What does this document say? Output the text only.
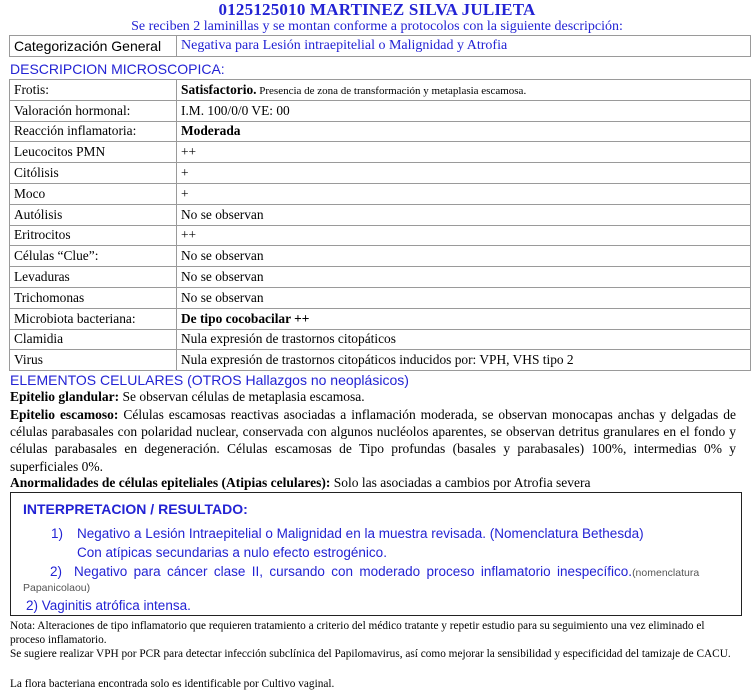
0125125010 MARTINEZ SILVA JULIETA
Se reciben 2 laminillas y se montan conforme a protocolos con la siguiente descripción:
Categorización General	Negativa para Lesión intraepitelial o Malignidad y Atrofia
DESCRIPCION MICROSCOPICA:
Frotis:	Satisfactorio. Presencia de zona de transformación y metaplasia escamosa.
Valoración hormonal:	I.M. 100/0/0 VE: 00
Reacción inflamatoria:	Moderada
Leucocitos PMN	++
Citólisis	+
Moco	+
Autólisis	No se observan
Eritrocitos	++
Células “Clue”:	No se observan
Levaduras	No se observan
Trichomonas	No se observan
Microbiota bacteriana:	De tipo cocobacilar ++
Clamidia	Nula expresión de trastornos citopáticos
Virus	Nula expresión de trastornos citopáticos inducidos por: VPH, VHS tipo 2
ELEMENTOS CELULARES (OTROS Hallazgos no neoplásicos)
Epitelio glandular: Se observan células de metaplasia escamosa.
Epitelio escamoso: Células escamosas reactivas asociadas a inflamación moderada, se observan monocapas anchas y delgadas de células parabasales con polaridad nuclear, conservada con algunos nucléolos aparentes, se observan detritus granulares en el fondo y células parabasales en degeneración. Células escamosas de Tipo profundas (basales y parabasales) 100%, intermedias 0% y superficiales 0%.
Anormalidades de células epiteliales (Atipias celulares): Solo las asociadas a cambios por Atrofia severa
INTERPRETACION / RESULTADO:
1) Negativo a Lesión Intraepitelial o Malignidad en la muestra revisada. (Nomenclatura Bethesda)
Con atípicas secundarias a nulo efecto estrogénico.
2) Negativo para cáncer clase II, cursando con moderado proceso inflamatorio inespecífico.(nomenclatura
Papanicolaou)
2) Vaginitis atrófica intensa.
Nota: Alteraciones de tipo inflamatorio que requieren tratamiento a criterio del médico tratante y repetir estudio para su seguimiento una vez eliminado el proceso inflamatorio.
Se sugiere realizar VPH por PCR para detectar infección subclínica del Papilomavirus, así como mejorar la sensibilidad y especificidad del tamizaje de CACU.
La flora bacteriana encontrada solo es identificable por Cultivo vaginal.
